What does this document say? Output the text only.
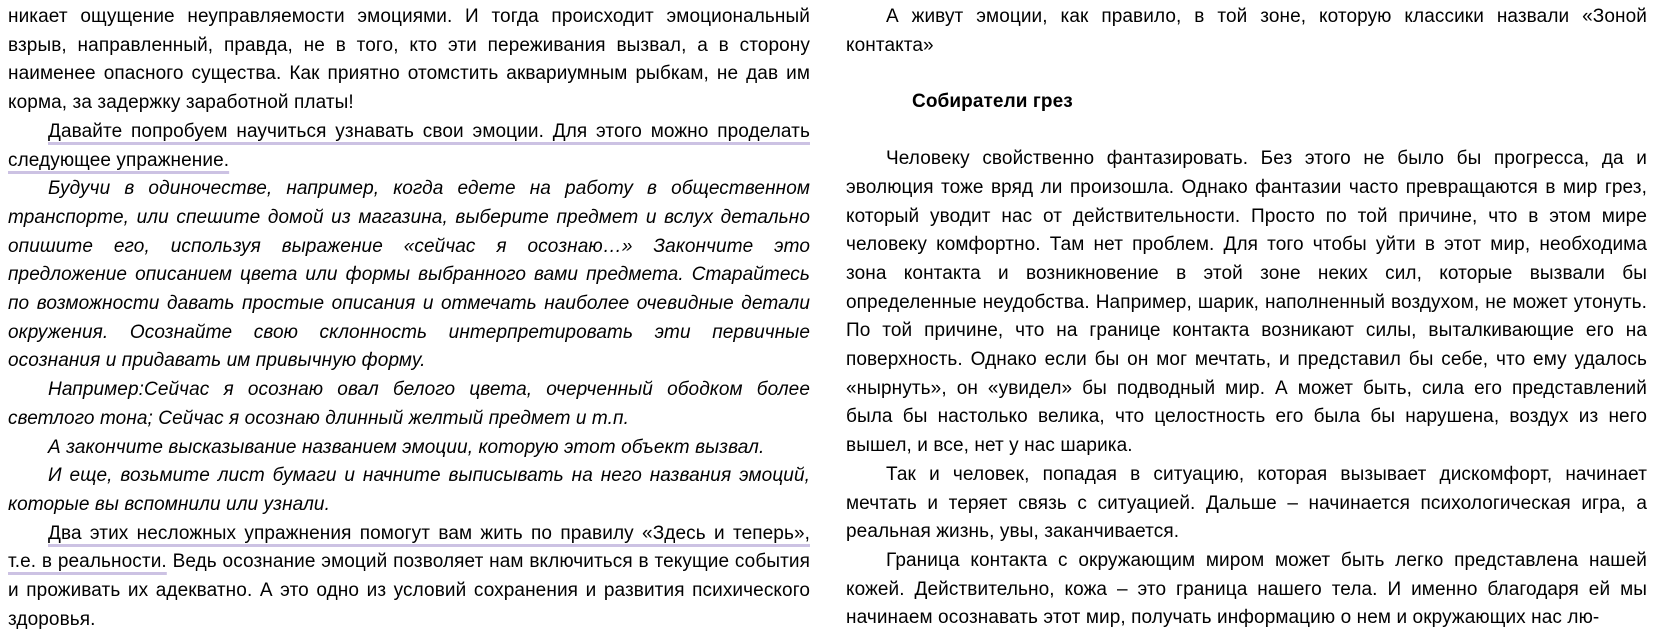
никает ощущение неуправляемости эмоциями. И тогда происходит эмоциональный взрыв, направленный, правда, не в того, кто эти переживания вызвал, а в сторону наименее опасного существа. Как приятно отомстить аквариумным рыбкам, не дав им корма, за задержку заработной платы!

Давайте попробуем научиться узнавать свои эмоции. Для этого можно проделать следующее упражнение.

Будучи в одиночестве, например, когда едете на работу в общественном транспорте, или спешите домой из магазина, выберите предмет и вслух детально опишите его, используя выражение «сейчас я осознаю…» Закончите это предложение описанием цвета или формы выбранного вами предмета. Старайтесь по возможности давать простые описания и отмечать наиболее очевидные детали окружения. Осознайте свою склонность интерпретировать эти первичные осознания и придавать им привычную форму.

Например:Сейчас я осознаю овал белого цвета, очерченный ободком более светлого тона; Сейчас я осознаю длинный желтый предмет и т.п.

А закончите высказывание названием эмоции, которую этот объект вызвал.

И еще, возьмите лист бумаги и начните выписывать на него названия эмоций, которые вы вспомнили или узнали.

Два этих несложных упражнения помогут вам жить по правилу «Здесь и теперь», т.е. в реальности. Ведь осознание эмоций позволяет нам включиться в текущие события и проживать их адекватно. А это одно из условий сохранения и развития психического здоровья.

А живут эмоции, как правило, в той зоне, которую классики назвали «Зоной контакта»

Собиратели грез

Человеку свойственно фантазировать. Без этого не было бы прогресса, да и эволюция тоже вряд ли произошла. Однако фантазии часто превращаются в мир грез, который уводит нас от действительности. Просто по той причине, что в этом мире человеку комфортно. Там нет проблем. Для того чтобы уйти в этот мир, необходима зона контакта и возникновение в этой зоне неких сил, которые вызвали бы определенные неудобства. Например, шарик, наполненный воздухом, не может утонуть. По той причине, что на границе контакта возникают силы, выталкивающие его на поверхность. Однако если бы он мог мечтать, и представил бы себе, что ему удалось «нырнуть», он «увидел» бы подводный мир. А может быть, сила его представлений была бы настолько велика, что целостность его была бы нарушена, воздух из него вышел, и все, нет у нас шарика.

Так и человек, попадая в ситуацию, которая вызывает дискомфорт, начинает мечтать и теряет связь с ситуацией. Дальше – начинается психологическая игра, а реальная жизнь, увы, заканчивается.

Граница контакта с окружающим миром может быть легко представлена нашей кожей. Действительно, кожа – это граница нашего тела. И именно благодаря ей мы начинаем осознавать этот мир, получать информацию о нем и окружающих нас лю-
